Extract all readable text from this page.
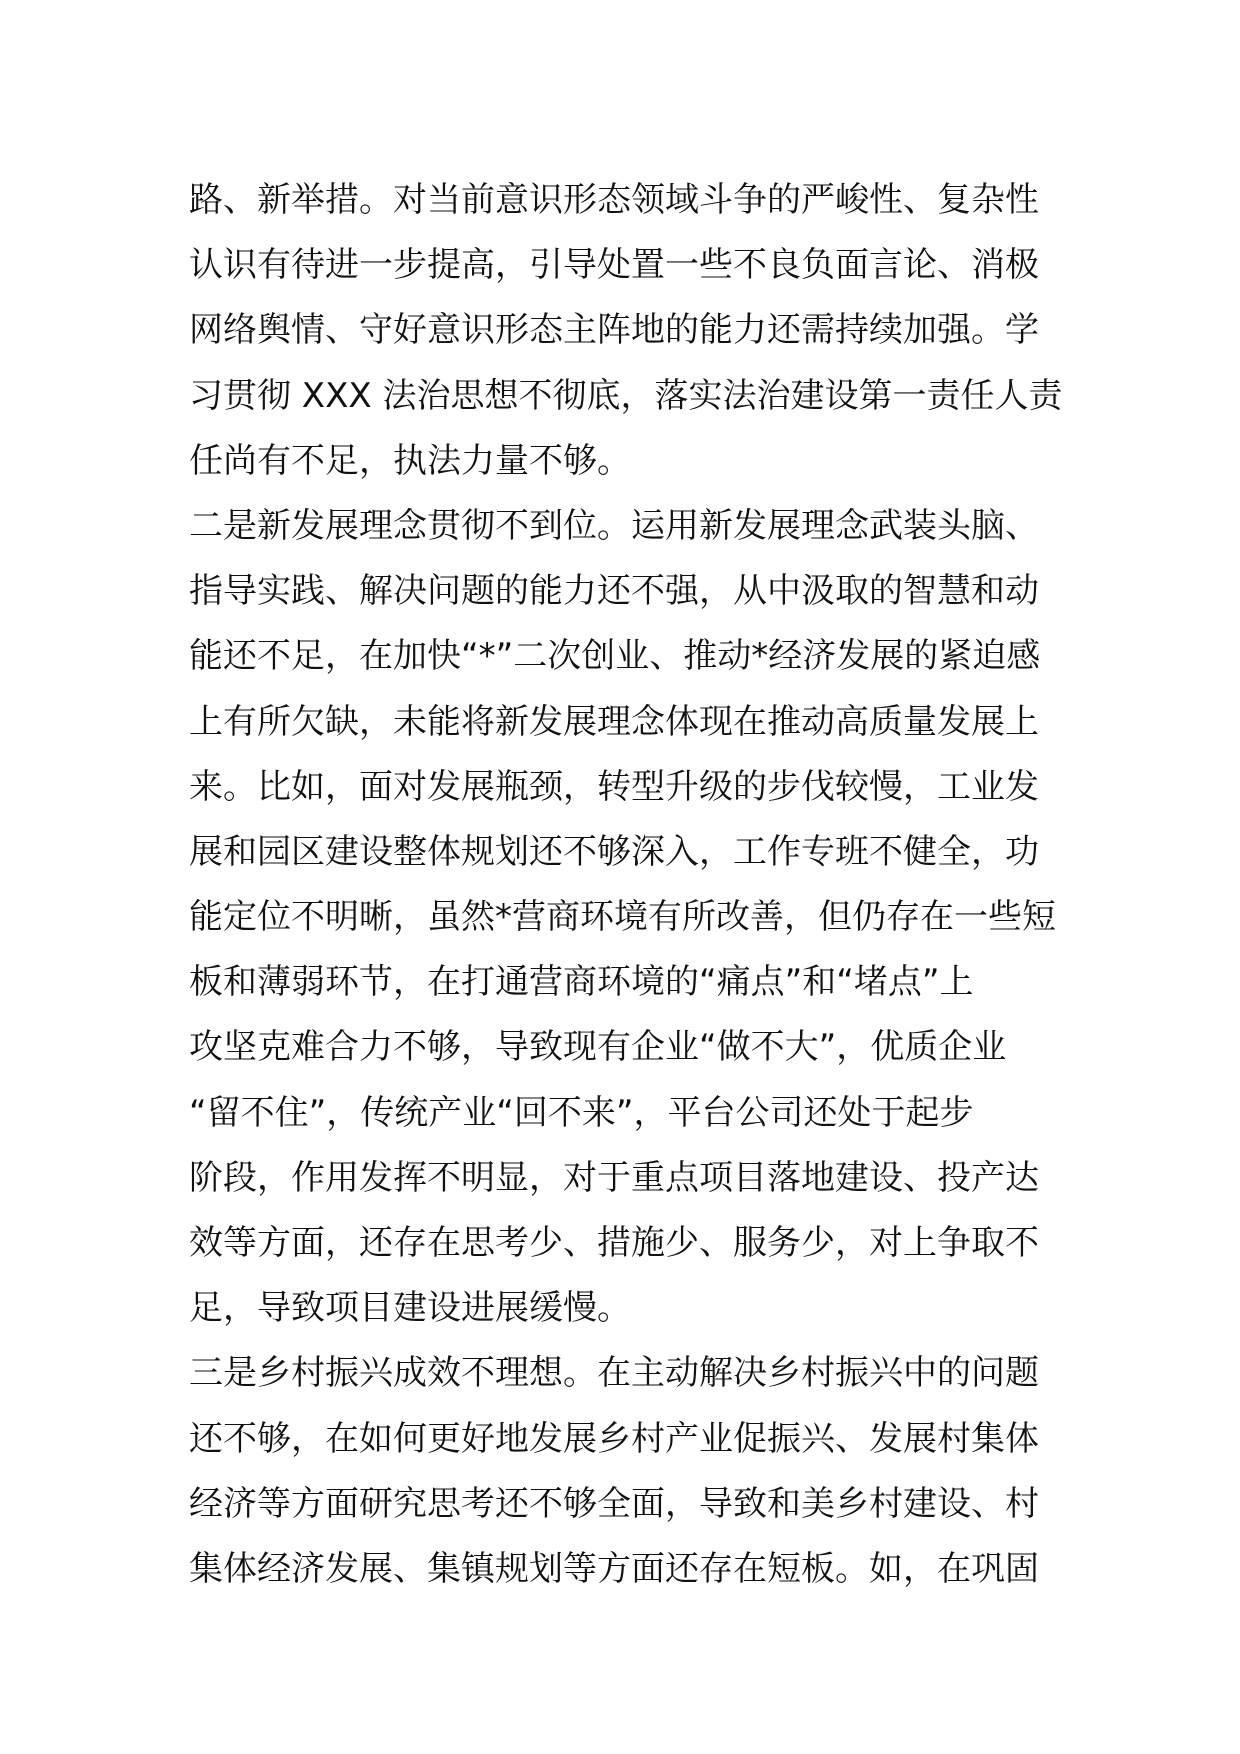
路、新举措。对当前意识形态领域斗争的严峻性、复杂性
认识有待进一步提高，引导处置一些不良负面言论、消极
网络舆情、守好意识形态主阵地的能力还需持续加强。学
习贯彻 XXX 法治思想不彻底，落实法治建设第一责任人责
任尚有不足，执法力量不够。
二是新发展理念贯彻不到位。运用新发展理念武装头脑、
指导实践、解决问题的能力还不强，从中汲取的智慧和动
能还不足，在加快“*”二次创业、推动*经济发展的紧迫感
上有所欠缺，未能将新发展理念体现在推动高质量发展上
来。比如，面对发展瓶颈，转型升级的步伐较慢，工业发
展和园区建设整体规划还不够深入，工作专班不健全，功
能定位不明晰，虽然*营商环境有所改善，但仍存在一些短
板和薄弱环节，在打通营商环境的“痛点”和“堵点”上
攻坚克难合力不够，导致现有企业“做不大”，优质企业
“留不住”，传统产业“回不来”，平台公司还处于起步
阶段，作用发挥不明显，对于重点项目落地建设、投产达
效等方面，还存在思考少、措施少、服务少，对上争取不
足，导致项目建设进展缓慢。
三是乡村振兴成效不理想。在主动解决乡村振兴中的问题
还不够，在如何更好地发展乡村产业促振兴、发展村集体
经济等方面研究思考还不够全面，导致和美乡村建设、村
集体经济发展、集镇规划等方面还存在短板。如，在巩固
